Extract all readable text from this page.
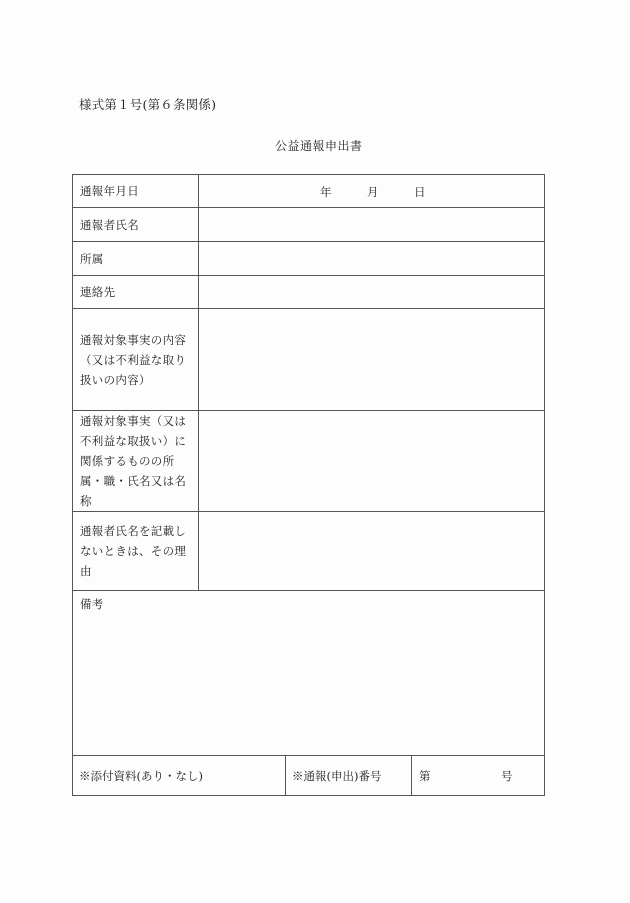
様式第１号(第６条関係)
公益通報申出書
通報年月日	年	月	日
通報者氏名
所属
連絡先
通報対象事実の内容（又は不利益な取り扱いの内容）
通報対象事実（又は不利益な取扱い）に関係するものの所属・職・氏名又は名称
通報者氏名を記載しないときは、その理由
備考
※添付資料(あり・なし)	※通報(申出)番号	第	号
